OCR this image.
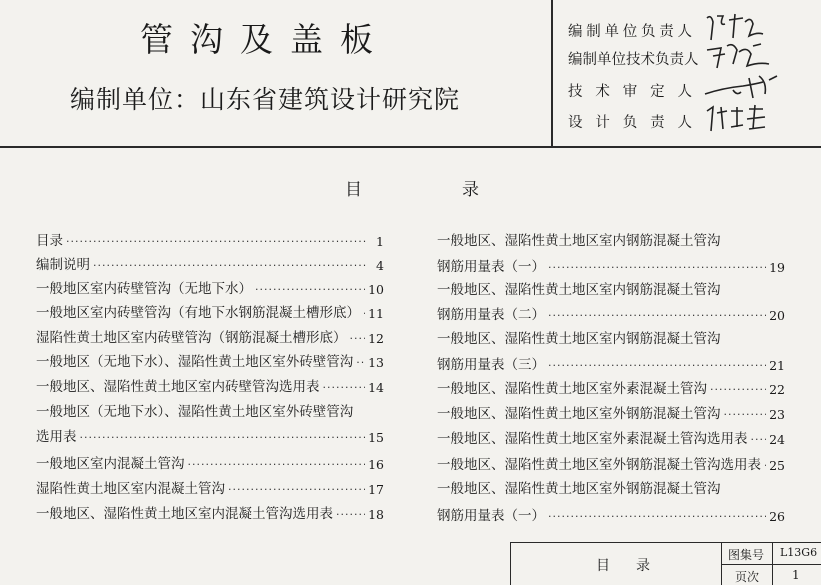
管沟及盖板
编制单位：山东省建筑设计研究院
编制单位负责人
编制单位技术负责人
技术审定人
设计负责人
目	录
目录 ·····	1
编制说明 ·····	4
一般地区室内砖壁管沟（无地下水） ·····	10
一般地区室内砖壁管沟（有地下水钢筋混凝土槽形底） ····· 11
湿陷性黄土地区室内砖壁管沟（钢筋混凝土槽形底） ····· 12
一般地区（无地下水）、湿陷性黄土地区室外砖壁管沟 ····· 13
一般地区、湿陷性黄土地区室内砖壁管沟选用表 ·····	14
一般地区（无地下水）、湿陷性黄土地区室外砖壁管沟
选用表 ·····	15
一般地区室内混凝土管沟 ·····	16
湿陷性黄土地区室内混凝土管沟 ·····	17
一般地区、湿陷性黄土地区室内混凝土管沟选用表 ·····	18
一般地区、湿陷性黄土地区室内钢筋混凝土管沟
钢筋用量表（一） ·····	19
一般地区、湿陷性黄土地区室内钢筋混凝土管沟
钢筋用量表（二） ·····	20
一般地区、湿陷性黄土地区室内钢筋混凝土管沟
钢筋用量表（三） ·····	21
一般地区、湿陷性黄土地区室外素混凝土管沟 ·····	22
一般地区、湿陷性黄土地区室外钢筋混凝土管沟 ·····	23
一般地区、湿陷性黄土地区室外素混凝土管沟选用表 ····· 24
一般地区、湿陷性黄土地区室外钢筋混凝土管沟选用表 ····· 25
一般地区、湿陷性黄土地区室外钢筋混凝土管沟
钢筋用量表（一） ·····	26
目 录
图集号 L13G6
页次	1
